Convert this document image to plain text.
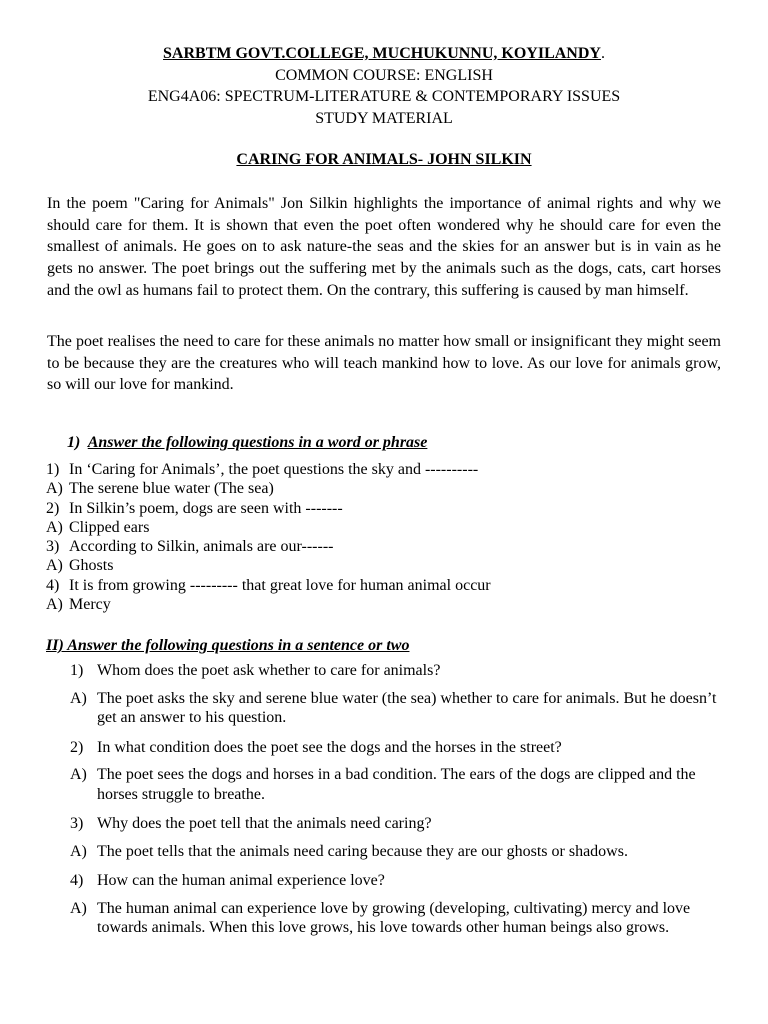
SARBTM GOVT.COLLEGE, MUCHUKUNNU, KOYILANDY.
COMMON COURSE: ENGLISH
ENG4A06: SPECTRUM-LITERATURE & CONTEMPORARY ISSUES
STUDY MATERIAL
CARING FOR ANIMALS- JOHN SILKIN
In the poem "Caring for Animals" Jon Silkin highlights the importance of animal rights and why we should care for them. It is shown that even the poet often wondered why he should care for even the smallest of animals. He goes on to ask nature-the seas and the skies for an answer but is in vain as he gets no answer. The poet brings out the suffering met by the animals such as the dogs, cats, cart horses and the owl as humans fail to protect them. On the contrary, this suffering is caused by man himself.
The poet realises the need to care for these animals no matter how small or insignificant they might seem to be because they are the creatures who will teach mankind how to love. As our love for animals grow, so will our love for mankind.
1) Answer the following questions in a word or phrase
1) In ‘Caring for Animals’, the poet questions the sky and ----------
A) The serene blue water (The sea)
2) In Silkin’s poem, dogs are seen with -------
A) Clipped ears
3) According to Silkin, animals are our------
A) Ghosts
4) It is from growing --------- that great love for human animal occur
A) Mercy
II) Answer the following questions in a sentence or two
1) Whom does the poet ask whether to care for animals?
A) The poet asks the sky and serene blue water (the sea) whether to care for animals. But he doesn’t get an answer to his question.
2) In what condition does the poet see the dogs and the horses in the street?
A) The poet sees the dogs and horses in a bad condition. The ears of the dogs are clipped and the horses struggle to breathe.
3) Why does the poet tell that the animals need caring?
A) The poet tells that the animals need caring because they are our ghosts or shadows.
4) How can the human animal experience love?
A) The human animal can experience love by growing (developing, cultivating) mercy and love towards animals. When this love grows, his love towards other human beings also grows.
